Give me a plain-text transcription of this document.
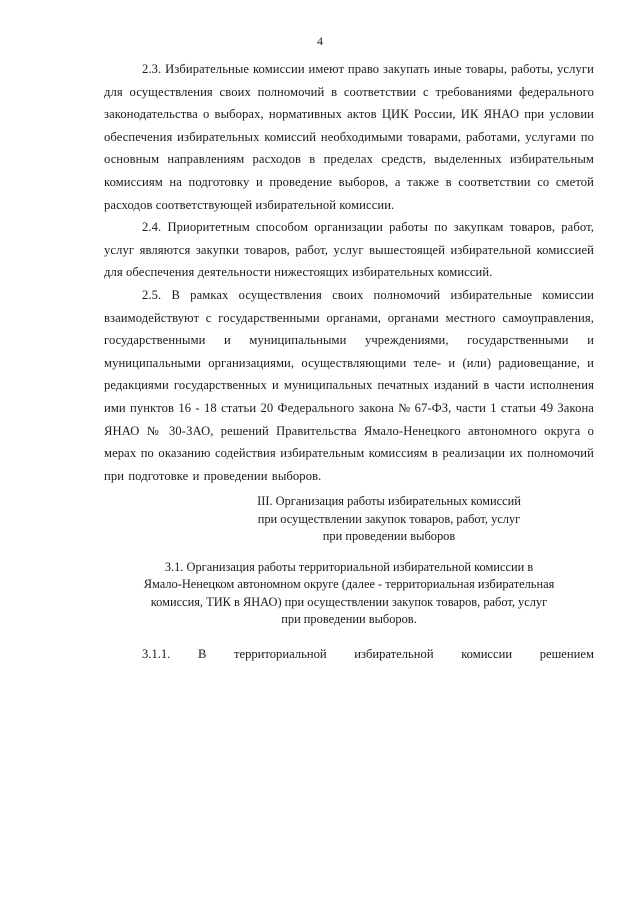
4

2.3. Избирательные комиссии имеют право закупать иные товары, работы, услуги для осуществления своих полномочий в соответствии с требованиями федерального законодательства о выборах, нормативных актов ЦИК России, ИК ЯНАО при условии обеспечения избирательных комиссий необходимыми товарами, работами, услугами по основным направлениям расходов в пределах средств, выделенных избирательным комиссиям на подготовку и проведение выборов, а также в соответствии со сметой расходов соответствующей избирательной комиссии.

2.4. Приоритетным способом организации работы по закупкам товаров, работ, услуг являются закупки товаров, работ, услуг вышестоящей избирательной комиссией для обеспечения деятельности нижестоящих избирательных комиссий.

2.5. В рамках осуществления своих полномочий избирательные комиссии взаимодействуют с государственными органами, органами местного самоуправления, государственными и муниципальными учреждениями, государственными и муниципальными организациями, осуществляющими теле- и (или) радиовещание, и редакциями государственных и муниципальных печатных изданий в части исполнения ими пунктов 16 - 18 статьи 20 Федерального закона № 67-ФЗ, части 1 статьи 49 Закона ЯНАО № 30-ЗАО, решений Правительства Ямало-Ненецкого автономного округа о мерах по оказанию содействия избирательным комиссиям в реализации их полномочий при подготовке и проведении выборов.

III. Организация работы избирательных комиссий
при осуществлении закупок товаров, работ, услуг
при проведении выборов
3.1. Организация работы территориальной избирательной комиссии в
Ямало-Ненецком автономном округе (далее - территориальная избирательная
комиссия, ТИК в ЯНАО) при осуществлении закупок товаров, работ, услуг
при проведении выборов.
3.1.1. В территориальной избирательной комиссии решением
